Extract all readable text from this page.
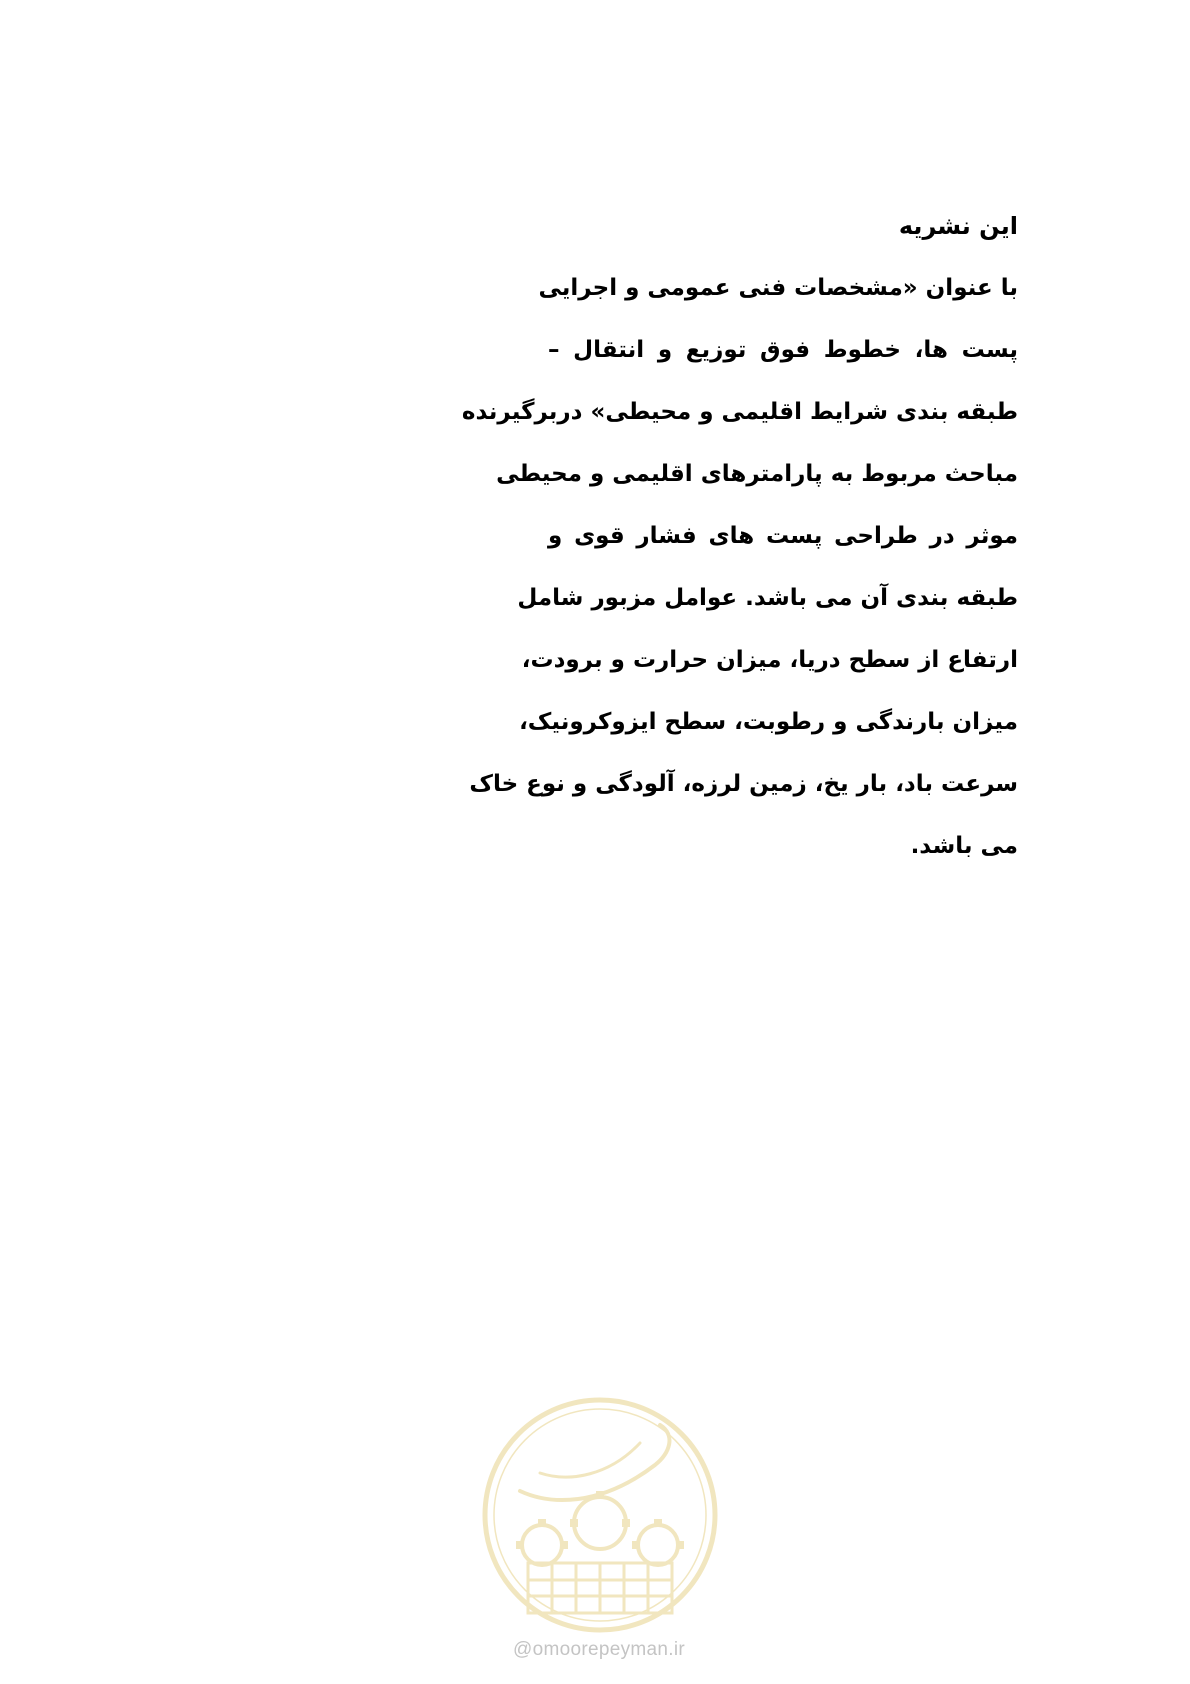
این نشریه
با عنوان «مشخصات فنی عمومی و اجرایی
پست ها، خطوط فوق توزیع و انتقال –
طبقه بندی شرایط اقلیمی و محیطی» دربرگیرنده
مباحث مربوط به پارامترهای اقلیمی و محیطی
موثر در طراحی پست های فشار قوی و
طبقه بندی آن می باشد. عوامل مزبور شامل
ارتفاع از سطح دریا، میزان حرارت و برودت،
میزان بارندگی و رطوبت، سطح ایزوکرونیک،
سرعت باد، بار یخ، زمین لرزه، آلودگی و نوع خاک
می باشد.
@omoorepeyman.ir
